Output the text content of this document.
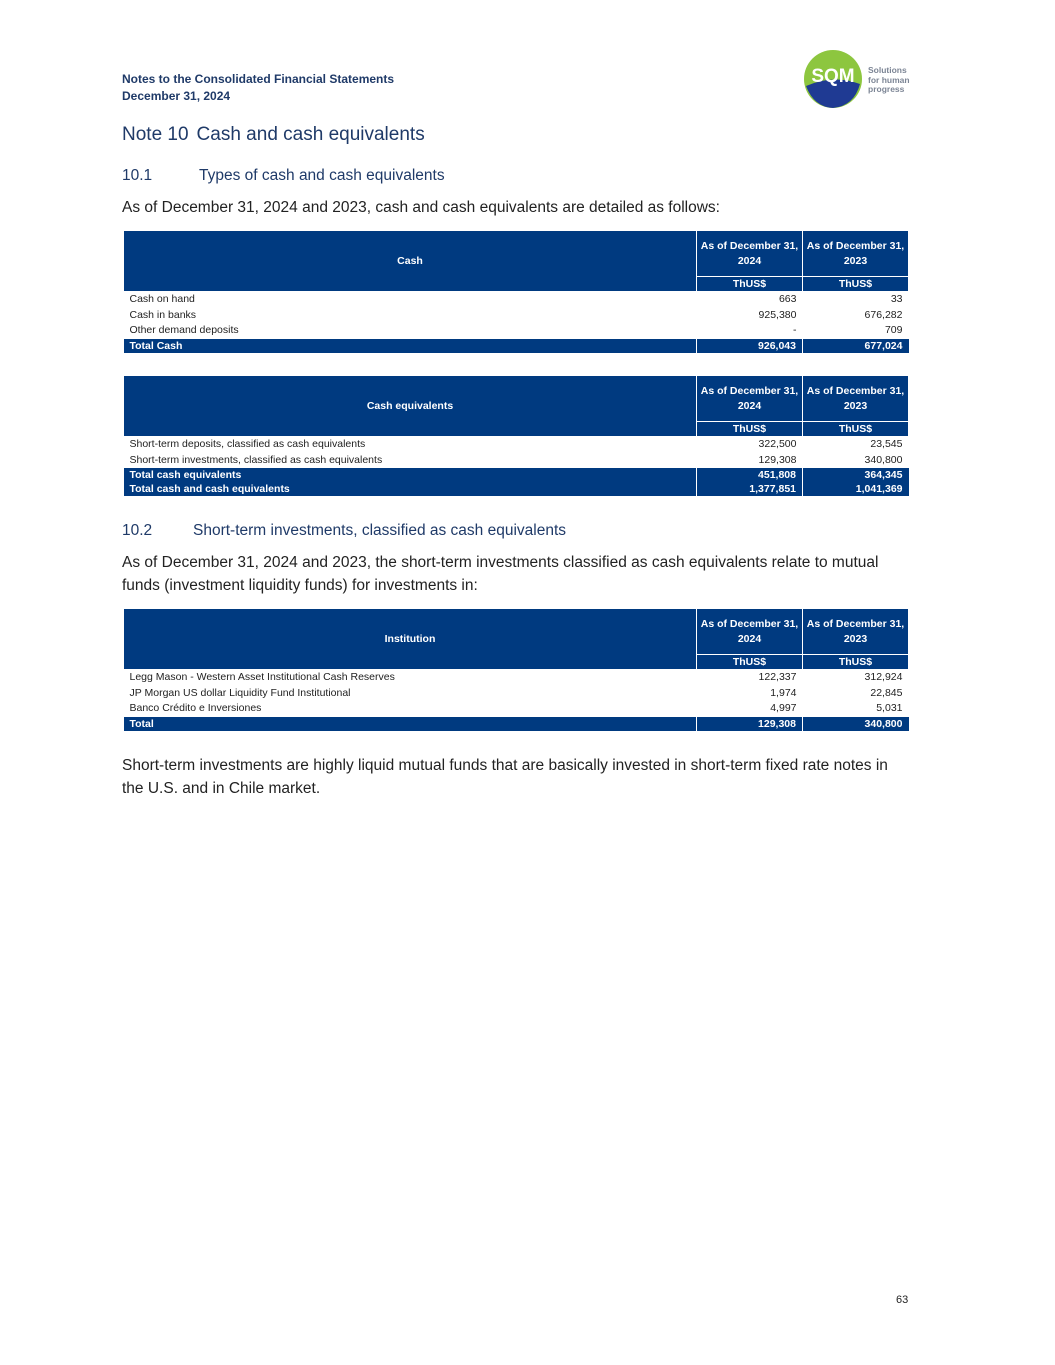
Notes to the Consolidated Financial Statements
December 31, 2024
SQM Solutions
for human
progress
Note 10 Cash and cash equivalents
10.1	Types of cash and cash equivalents

As of December 31, 2024 and 2023, cash and cash equivalents are detailed as follows:

Cash	As of December 31, 2024	As of December 31, 2023
	ThUS$	ThUS$
Cash on hand	663	33
Cash in banks	925,380	676,282
Other demand deposits	-	709
Total Cash	926,043	677,024
Cash equivalents	As of December 31, 2024	As of December 31, 2023
	ThUS$	ThUS$
Short-term deposits, classified as cash equivalents	322,500	23,545
Short-term investments, classified as cash equivalents	129,308	340,800
Total cash equivalents	451,808	364,345
Total cash and cash equivalents	1,377,851	1,041,369
10.2	Short-term investments, classified as cash equivalents

As of December 31, 2024 and 2023, the short-term investments classified as cash equivalents relate to mutual funds (investment liquidity funds) for investments in:

Institution	As of December 31, 2024	As of December 31, 2023
	ThUS$	ThUS$
Legg Mason - Western Asset Institutional Cash Reserves	122,337	312,924
JP Morgan US dollar Liquidity Fund Institutional	1,974	22,845
Banco Crédito e Inversiones	4,997	5,031
Total	129,308	340,800

Short-term investments are highly liquid mutual funds that are basically invested in short-term fixed rate notes in the U.S. and in Chile market.

63
